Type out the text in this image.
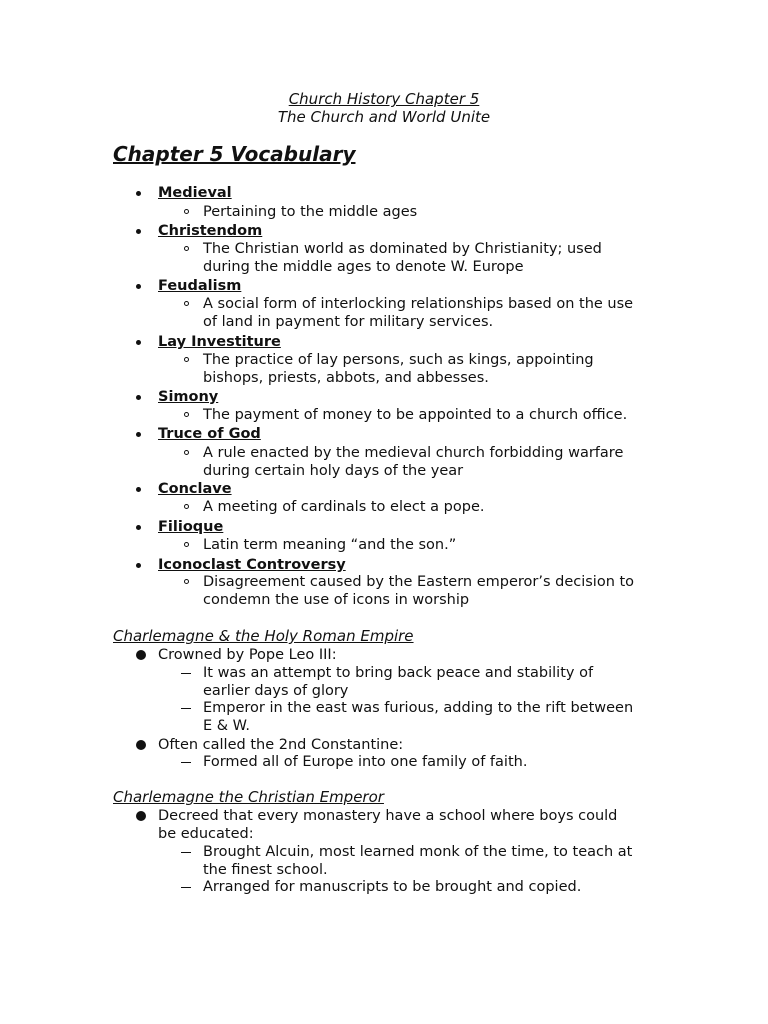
Church History Chapter 5
The Church and World Unite
Chapter 5 Vocabulary
Medieval
Pertaining to the middle ages
Christendom
The Christian world as dominated by Christianity; used
during the middle ages to denote W. Europe
Feudalism
A social form of interlocking relationships based on the use
of land in payment for military services.
Lay Investiture
The practice of lay persons, such as kings, appointing
bishops, priests, abbots, and abbesses.
Simony
The payment of money to be appointed to a church office.
Truce of God
A rule enacted by the medieval church forbidding warfare
during certain holy days of the year
Conclave
A meeting of cardinals to elect a pope.
Filioque
Latin term meaning “and the son.”
Iconoclast Controversy
Disagreement caused by the Eastern emperor’s decision to
condemn the use of icons in worship
Charlemagne & the Holy Roman Empire
Crowned by Pope Leo III:
It was an attempt to bring back peace and stability of
earlier days of glory
Emperor in the east was furious, adding to the rift between
E & W.
Often called the 2nd Constantine:
Formed all of Europe into one family of faith.
Charlemagne the Christian Emperor
Decreed that every monastery have a school where boys could
be educated:
Brought Alcuin, most learned monk of the time, to teach at
the finest school.
Arranged for manuscripts to be brought and copied.
